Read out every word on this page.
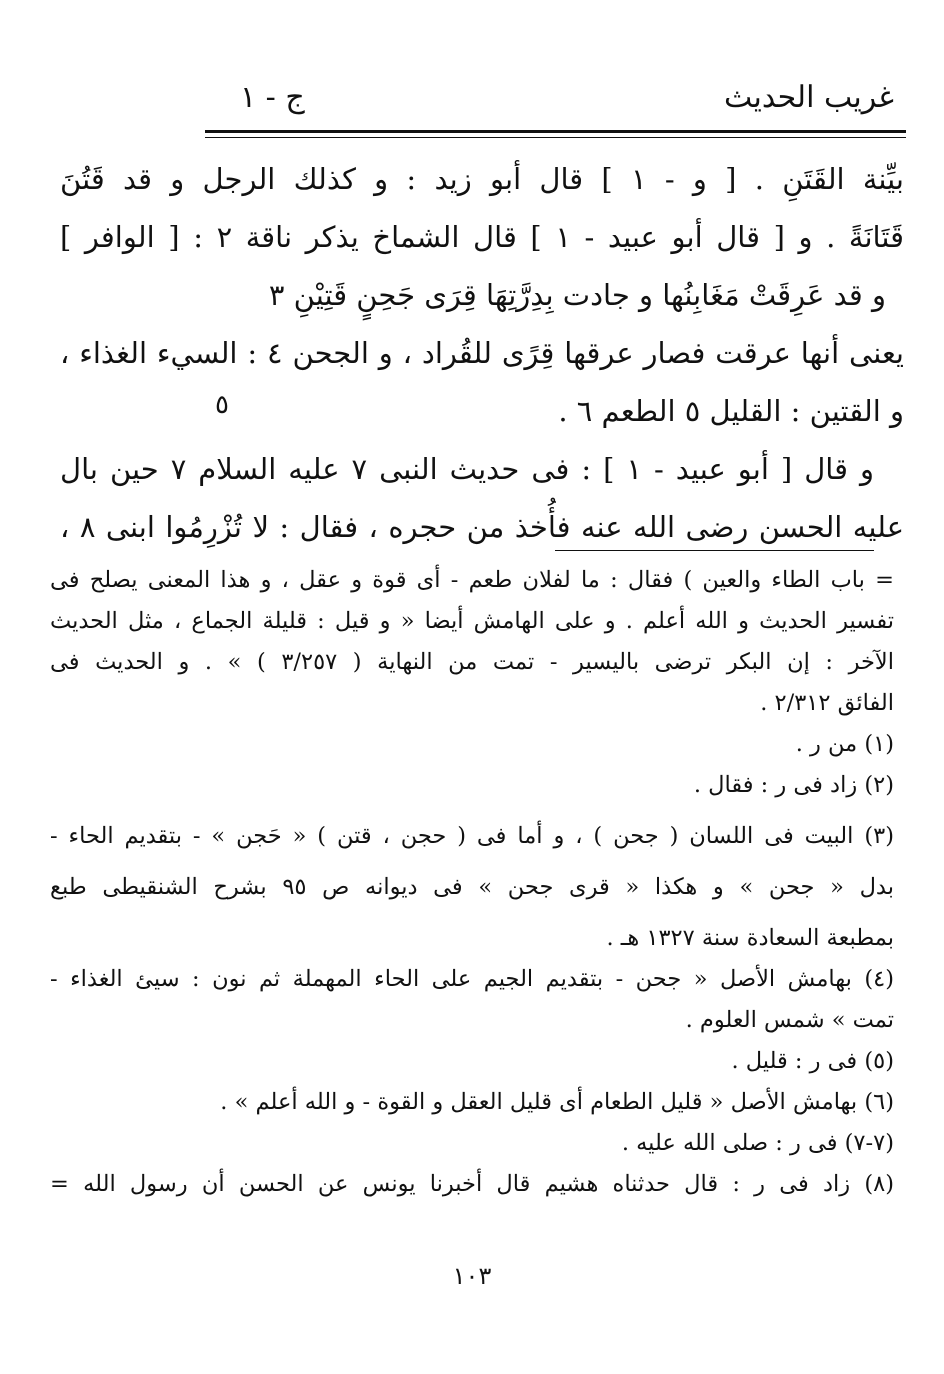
غريب الحديث
ج - ١
بيِّنة القَتَنِ . [ و - ١ ] قال أبو زيد : و كذلك الرجل و قد قَتُنَ
قَتَانَةً . و [ قال أبو عبيد - ١ ] قال الشماخ يذكر ناقة ٢ : [ الوافر ]
و قد عَرِقَتْ مَغَابِنُها و جادت بِدِرَّتِهَا قِرَى جَحِنٍ قَتِيْنِ ٣
يعنى أنها عرقت فصار عرقها قِرًى للقُراد ، و الجحن ٤ : السيء الغذاء ،
و القتين : القليل ٥ الطعم ٦ .
و قال [ أبو عبيد - ١ ] : فى حديث النبى ٧ عليه السلام ٧ حين بال
عليه الحسن رضى الله عنه فأُخذ من حجره ، فقال : لا تُزْرِمُوا ابنى ٨ ،
٥
= باب الطاء والعين ) فقال : ما لفلان طعم - أى قوة و عقل ، و هذا المعنى يصلح فى
تفسير الحديث و الله أعلم . و على الهامش أيضا « و قيل : قليلة الجماع ، مثل الحديث
الآخر : إن البكر ترضى باليسير - تمت من النهاية ( ٣/٢٥٧ ) » . و الحديث فى
الفائق ٢/٣١٢ .
(١) من ر .
(٢) زاد فى ر : فقال .
(٣) البيت فى اللسان ( جحن ) ، و أما فى ( حجن ، قتن ) « حَجن » - بتقديم الحاء -
بدل « جحن » و هكذا « قرى جحن » فى ديوانه ص ٩٥ بشرح الشنقيطى طبع
بمطبعة السعادة سنة ١٣٢٧ هـ .
(٤) بهامش الأصل « جحن - بتقديم الجيم على الحاء المهملة ثم نون : سيئ الغذاء -
تمت » شمس العلوم .
(٥) فى ر : قليل .
(٦) بهامش الأصل « قليل الطعام أى قليل العقل و القوة - و الله أعلم » .
(٧-٧) فى ر : صلى الله عليه .
(٨) زاد فى ر : قال حدثناه هشيم قال أخبرنا يونس عن الحسن أن رسول الله =
١٠٣
